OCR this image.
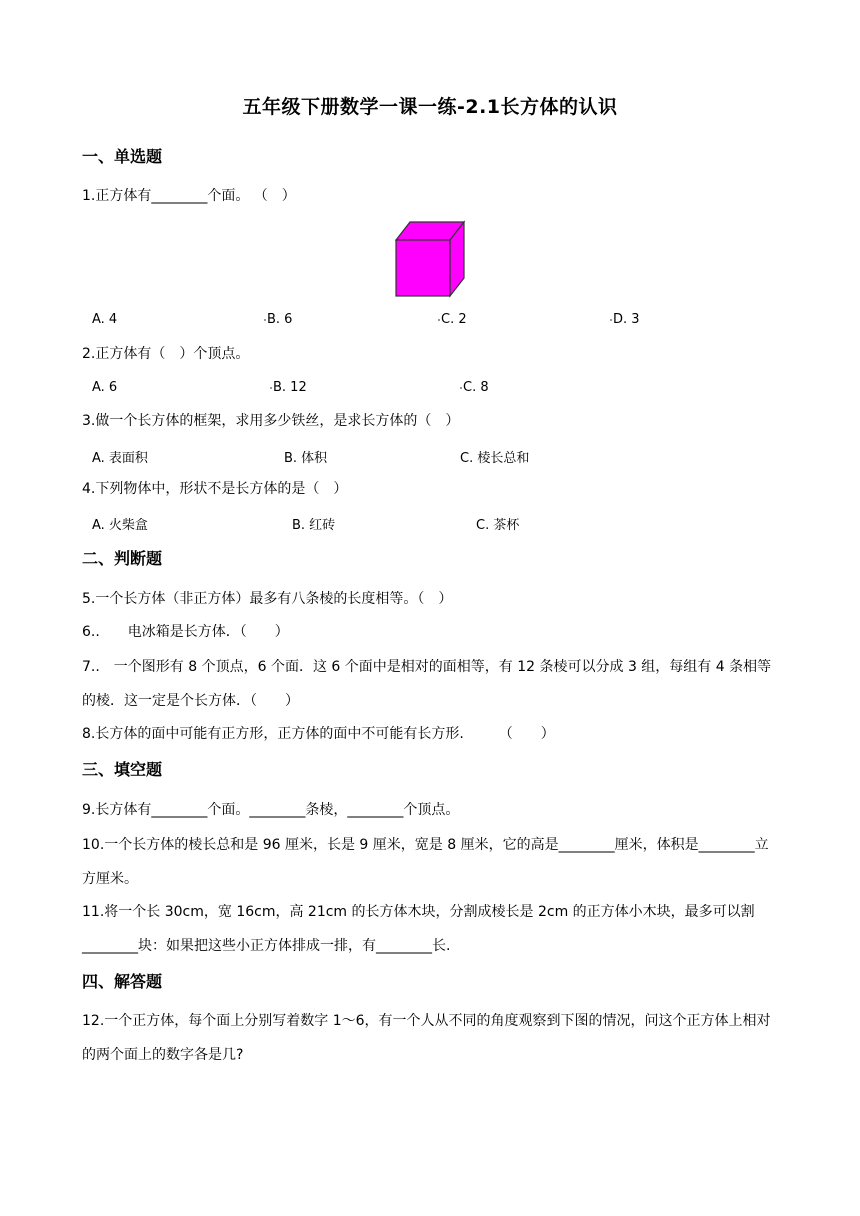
五年级下册数学一课一练-2.1长方体的认识
一、单选题
1.正方体有________个面。 （　）
A. 4	B. 6	C. 2	D. 3
2.正方体有（　）个顶点。
A. 6	B. 12	C. 8
3.做一个长方体的框架，求用多少铁丝，是求长方体的（　）
A. 表面积	B. 体积	C. 棱长总和
4.下列物体中，形状不是长方体的是（　）
A. 火柴盒	B. 红砖	C. 茶杯
二、判断题
5.一个长方体（非正方体）最多有八条棱的长度相等。（　）
6..　　电冰箱是长方体．（　　）
7..　一个图形有 8 个顶点，6 个面．这 6 个面中是相对的面相等，有 12 条棱可以分成 3 组，每组有 4 条相等的棱．这一定是个长方体．（　　）
8.长方体的面中可能有正方形，正方体的面中不可能有长方形.　　　（　　）
三、填空题
9.长方体有________个面。________条棱，________个顶点。
10.一个长方体的棱长总和是 96 厘米，长是 9 厘米，宽是 8 厘米，它的高是________厘米，体积是________立方厘米。
11.将一个长 30cm，宽 16cm，高 21cm 的长方体木块，分割成棱长是 2cm 的正方体小木块，最多可以割________块：如果把这些小正方体排成一排，有________长.
四、解答题
12.一个正方体，每个面上分别写着数字 1～6，有一个人从不同的角度观察到下图的情况，问这个正方体上相对的两个面上的数字各是几?
